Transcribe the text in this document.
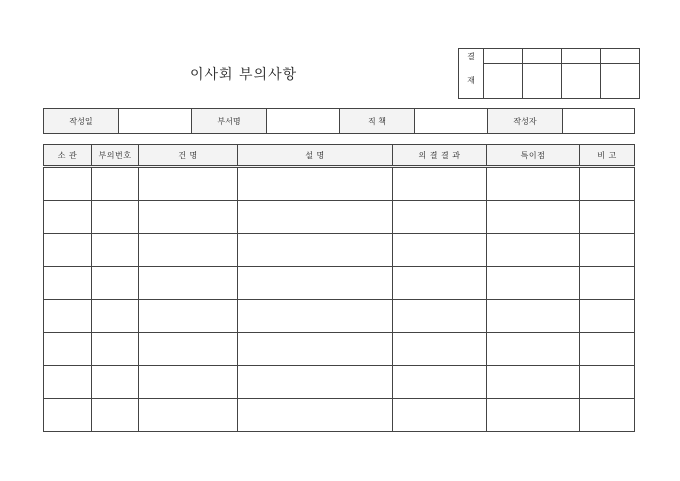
이사회 부의사항
결				
재				
작성일		부서명		직 책		작성자	
소 관	부의번호	건 명	설 명	의 결 결 과	특이점	비 고
